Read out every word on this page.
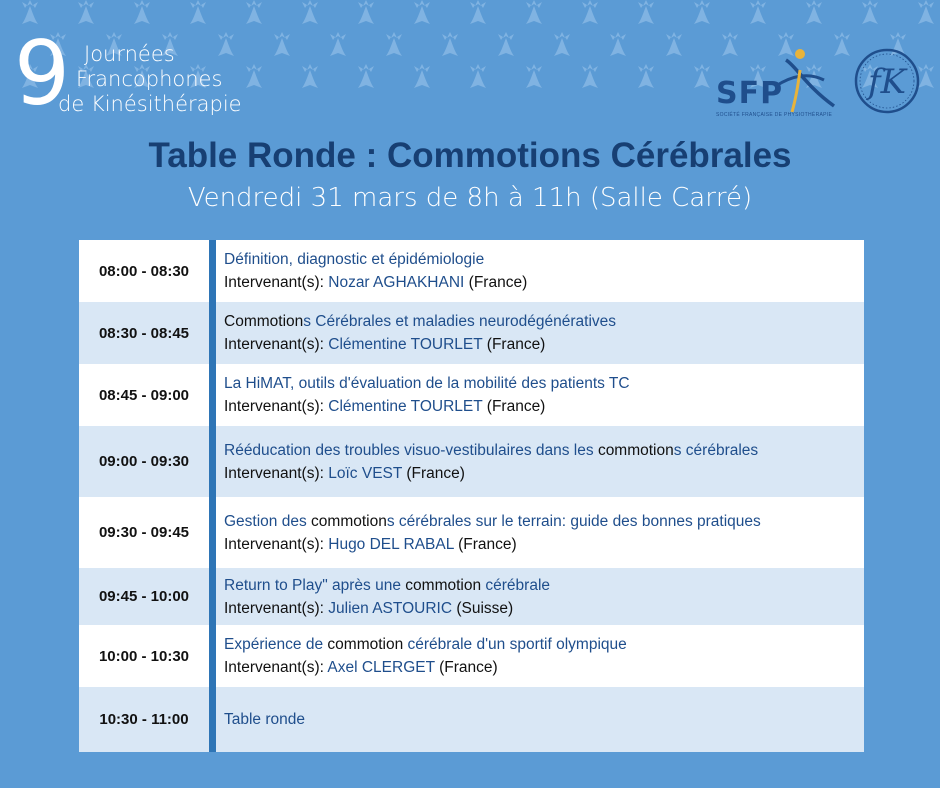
9 Journées
Francophones
de Kinésithérapie	SFP
SOCIÉTÉ FRANÇAISE DE PHYSIOTHÉRAPIE
fK
Table Ronde : Commotions Cérébrales
Vendredi 31 mars de 8h à 11h (Salle Carré)
08:00 - 08:30
Définition, diagnostic et épidémiologie
Intervenant(s): Nozar AGHAKHANI (France)
08:30 - 08:45
Commotions Cérébrales et maladies neurodégénératives
Intervenant(s): Clémentine TOURLET (France)
08:45 - 09:00
La HiMAT, outils d'évaluation de la mobilité des patients TC
Intervenant(s): Clémentine TOURLET (France)
09:00 - 09:30
Rééducation des troubles visuo-vestibulaires dans les commotions cérébrales
Intervenant(s): Loïc VEST (France)
09:30 - 09:45
Gestion des commotions cérébrales sur le terrain: guide des bonnes pratiques
Intervenant(s): Hugo DEL RABAL (France)
09:45 - 10:00
Return to Play" après une commotion cérébrale
Intervenant(s): Julien ASTOURIC (Suisse)
10:00 - 10:30
Expérience de commotion cérébrale d'un sportif olympique
Intervenant(s): Axel CLERGET (France)
10:30 - 11:00	Table ronde
